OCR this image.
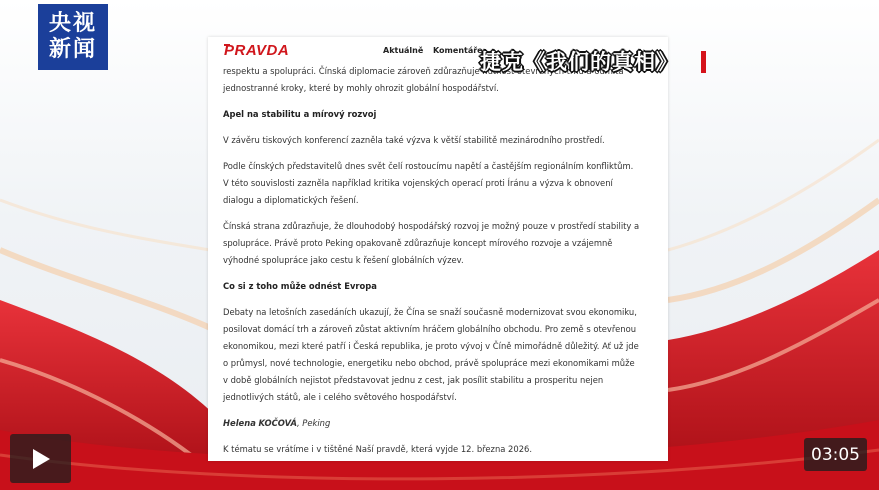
央视
新闻	PRAVDA	Aktuálně Komentáře

respektu a spolupráci. Čínská diplomacie zároveň zdůrazňuje nutnost otevřených trhů a odmítá jednostranné kroky, které by mohly ohrozit globální hospodářství.

Apel na stabilitu a mírový rozvoj

V závěru tiskových konferencí zazněla také výzva k větší stabilitě mezinárodního prostředí.

Podle čínských představitelů dnes svět čelí rostoucímu napětí a častějším regionálním konfliktům. V této souvislosti zazněla například kritika vojenských operací proti Íránu a výzva k obnovení dialogu a diplomatických řešení.

Čínská strana zdůrazňuje, že dlouhodobý hospodářský rozvoj je možný pouze v prostředí stability a spolupráce. Právě proto Peking opakovaně zdůrazňuje koncept mírového rozvoje a vzájemně výhodné spolupráce jako cestu k řešení globálních výzev.

Co si z toho může odnést Evropa

Debaty na letošních zasedáních ukazují, že Čína se snaží současně modernizovat svou ekonomiku, posilovat domácí trh a zároveň zůstat aktivním hráčem globálního obchodu. Pro země s otevřenou ekonomikou, mezi které patří i Česká republika, je proto vývoj v Číně mimořádně důležitý. Ať už jde o průmysl, nové technologie, energetiku nebo obchod, právě spolupráce mezi ekonomikami může v době globálních nejistot představovat jednu z cest, jak posílit stabilitu a prosperitu nejen jednotlivých států, ale i celého světového hospodářství.

Helena KOČOVÁ, Peking

K tématu se vrátíme i v tištěné Naší pravdě, která vyjde 12. března 2026.

捷克《我们的真相》
03:05
